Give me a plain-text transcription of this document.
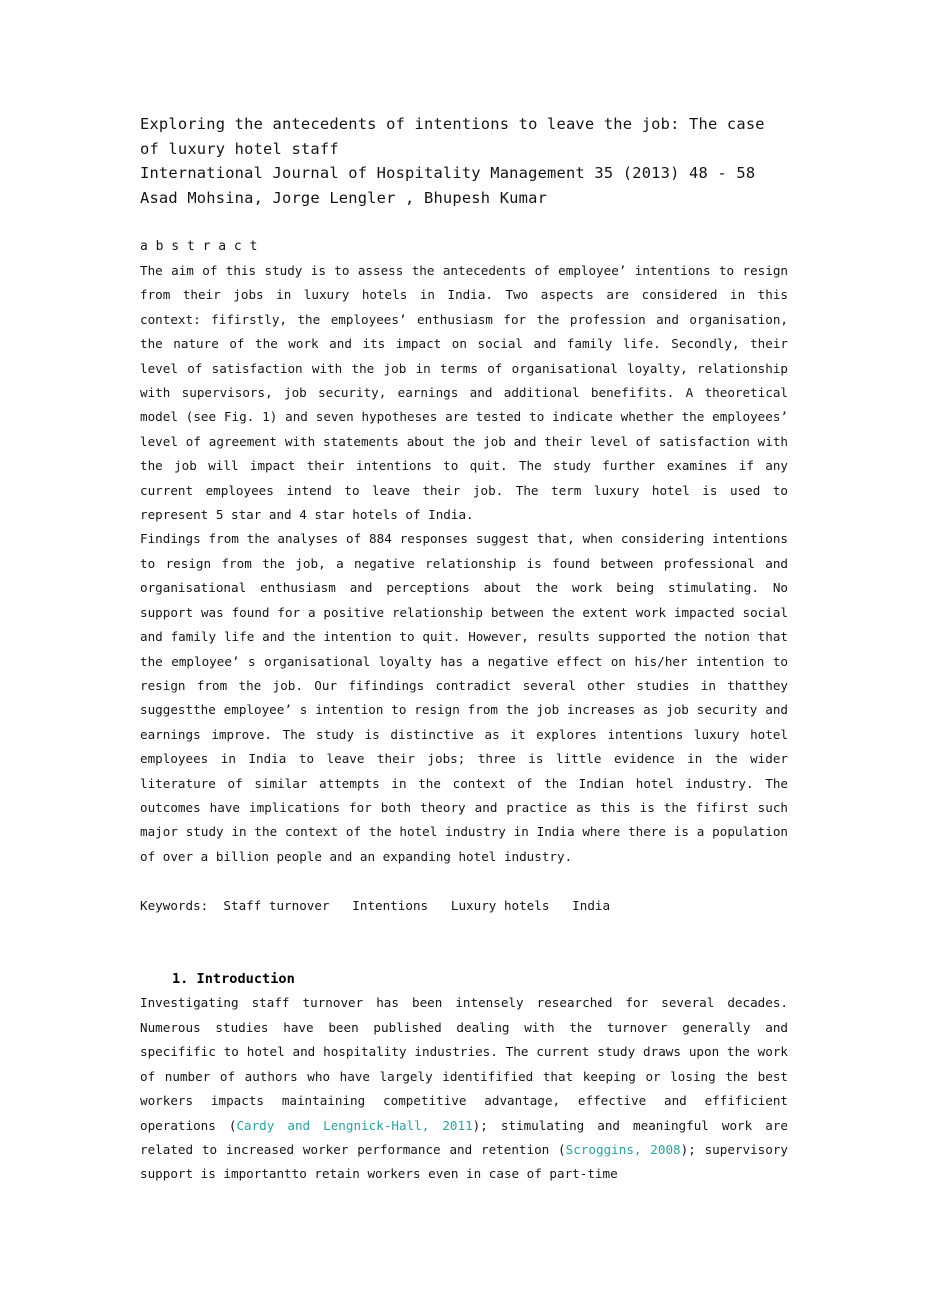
Exploring the antecedents of intentions to leave the job: The case of luxury hotel staff
International Journal of Hospitality Management 35 (2013) 48 - 58
Asad Mohsina, Jorge Lengler , Bhupesh Kumar
a b s t r a c t

The aim of this study is to assess the antecedents of employee’ intentions to resign from their jobs in luxury hotels in India. Two aspects are considered in this context: fifirstly, the employees’ enthusiasm for the profession and organisation, the nature of the work and its impact on social and family life. Secondly, their level of satisfaction with the job in terms of organisational loyalty, relationship with supervisors, job security, earnings and additional benefifits. A theoretical model (see Fig. 1) and seven hypotheses are tested to indicate whether the employees’ level of agreement with statements about the job and their level of satisfaction with the job will impact their intentions to quit. The study further examines if any current employees intend to leave their job. The term luxury hotel is used to represent 5 star and 4 star hotels of India.

Findings from the analyses of 884 responses suggest that, when considering intentions to resign from the job, a negative relationship is found between professional and organisational enthusiasm and perceptions about the work being stimulating. No support was found for a positive relationship between the extent work impacted social and family life and the intention to quit. However, results supported the notion that the employee’ s organisational loyalty has a negative effect on his/her intention to resign from the job. Our fifindings contradict several other studies in thatthey suggestthe employee’ s intention to resign from the job increases as job security and earnings improve. The study is distinctive as it explores intentions luxury hotel employees in India to leave their jobs; three is little evidence in the wider literature of similar attempts in the context of the Indian hotel industry. The outcomes have implications for both theory and practice as this is the fifirst such major study in the context of the hotel industry in India where there is a population of over a billion people and an expanding hotel industry.

Keywords:  Staff turnover   Intentions   Luxury hotels   India
1. Introduction

Investigating staff turnover has been intensely researched for several decades. Numerous studies have been published dealing with the turnover generally and specifific to hotel and hospitality industries. The current study draws upon the work of number of authors who have largely identifified that keeping or losing the best workers impacts maintaining competitive advantage, effective and effificient operations (Cardy and Lengnick-Hall, 2011); stimulating and meaningful work are related to increased worker performance and retention (Scroggins, 2008); supervisory support is importantto retain workers even in case of part-time
